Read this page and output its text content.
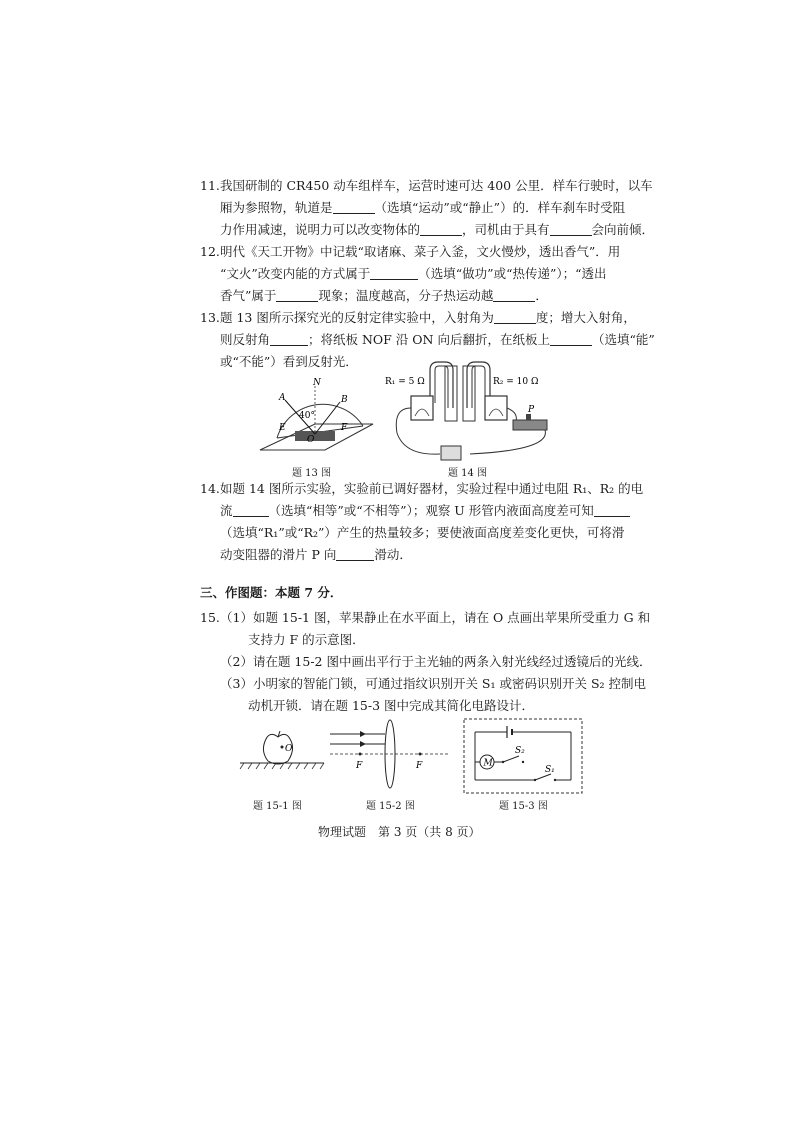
11.我国研制的 CR450 动车组样车，运营时速可达 400 公里．样车行驶时，以车
厢为参照物，轨道是	（选填“运动”或“静止”）的．样车刹车时受阻
力作用减速，说明力可以改变物体的	，司机由于具有	会向前倾．
12.明代《天工开物》中记载“取诸麻、菜子入釜，文火慢炒，透出香气”．用
“文火”改变内能的方式属于	（选填“做功”或“热传递”）；“透出
香气”属于	现象；温度越高，分子热运动越	．
13.题 13 图所示探究光的反射定律实验中，入射角为	度；增大入射角，
则反射角	；将纸板 NOF 沿 ON 向后翻折，在纸板上	（选填“能”
或“不能”）看到反射光．
N
A	B
E	F
O
40°
题 13 图
R₁ = 5 Ω	R₂ = 10 Ω
P
题 14 图
14.如题 14 图所示实验，实验前已调好器材，实验过程中通过电阻 R₁、R₂ 的电
流	（选填“相等”或“不相等”）；观察 U 形管内液面高度差可知
（选填“R₁”或“R₂”）产生的热量较多；要使液面高度差变化更快，可将滑
动变阻器的滑片 P 向	滑动．
三、作图题：本题 7 分．
15.（1）如题 15-1 图，苹果静止在水平面上，请在 O 点画出苹果所受重力 G 和
支持力 F 的示意图．
（2）请在题 15-2 图中画出平行于主光轴的两条入射光线经过透镜后的光线．
（3）小明家的智能门锁，可通过指纹识别开关 S₁ 或密码识别开关 S₂ 控制电
动机开锁．请在题 15-3 图中完成其简化电路设计．
O
题 15-1 图
F	F
题 15-2 图
M
S₂
S₁
题 15-3 图
物理试题　第 3 页（共 8 页）
